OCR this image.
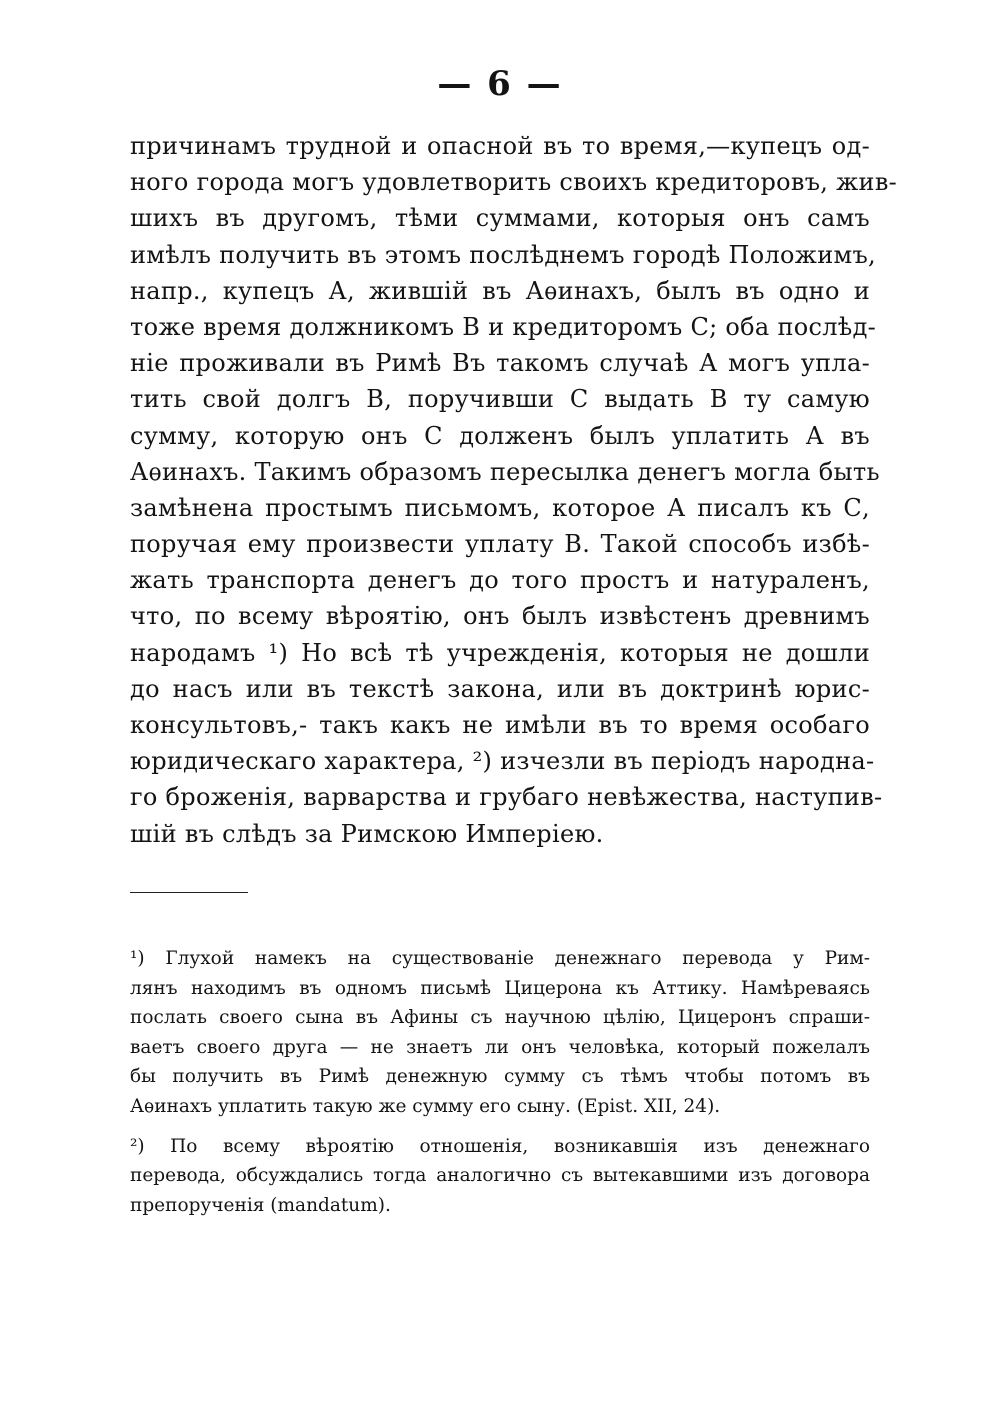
— 6 —
причинамъ трудной и опасной въ то время,—купецъ од-
ного города могъ удовлетворить своихъ кредиторовъ, жив-
шихъ въ другомъ, тѣми суммами, которыя онъ самъ
имѣлъ получить въ этомъ послѣднемъ городѣ Положимъ,
напр., купецъ А, жившій въ Аѳинахъ, былъ въ одно и
тоже время должникомъ В и кредиторомъ С; оба послѣд-
ніе проживали въ Римѣ Въ такомъ случаѣ А могъ упла-
тить свой долгъ В, поручивши С выдать В ту самую
сумму, которую онъ С долженъ былъ уплатить А въ
Аѳинахъ. Такимъ образомъ пересылка денегъ могла быть
замѣнена простымъ письмомъ, которое А писалъ къ С,
поручая ему произвести уплату В. Такой способъ избѣ-
жать транспорта денегъ до того простъ и натураленъ,
что, по всему вѣроятію, онъ былъ извѣстенъ древнимъ
народамъ ¹) Но всѣ тѣ учрежденія, которыя не дошли
до насъ или въ текстѣ закона, или въ доктринѣ юрис-
консультовъ,- такъ какъ не имѣли въ то время особаго
юридическаго характера, ²) изчезли въ періодъ народна-
го броженія, варварства и грубаго невѣжества, наступив-
шій въ слѣдъ за Римскою Имперіею.
¹) Глухой намекъ на существованіе денежнаго перевода у Рим-
лянъ находимъ въ одномъ письмѣ Цицерона къ Аттику. Намѣреваясь
послать своего сына въ Афины съ научною цѣлію, Цицеронъ спраши-
ваетъ своего друга — не знаетъ ли онъ человѣка, который пожелалъ
бы получить въ Римѣ денежную сумму съ тѣмъ чтобы потомъ въ
Аѳинахъ уплатить такую же сумму его сыну. (Epist. XII, 24).
²) По всему вѣроятію отношенія, возникавшія изъ денежнаго
перевода, обсуждались тогда аналогично съ вытекавшими изъ договора
препорученія (mandatum).
